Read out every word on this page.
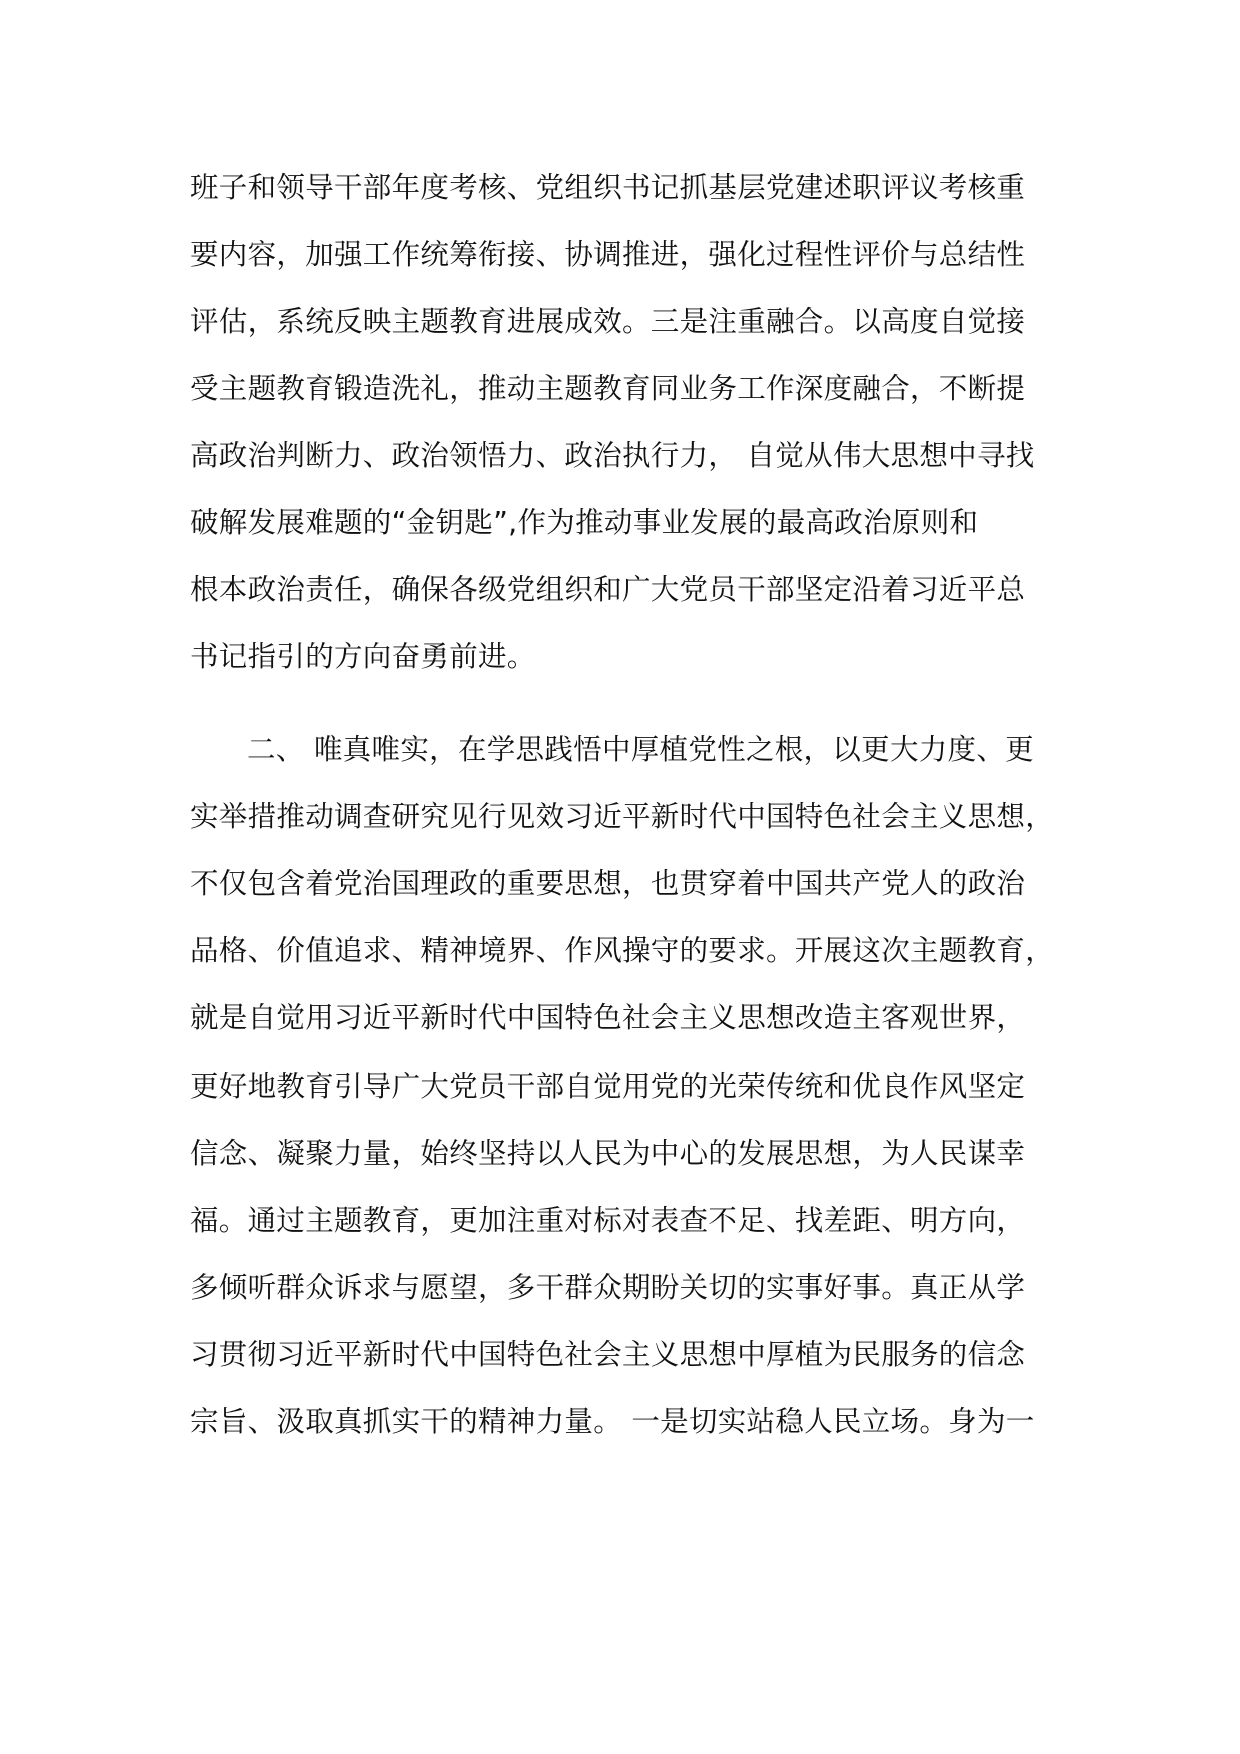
班子和领导干部年度考核、党组织书记抓基层党建述职评议考核重
要内容，加强工作统筹衔接、协调推进，强化过程性评价与总结性
评估，系统反映主题教育进展成效。三是注重融合。以高度自觉接
受主题教育锻造洗礼，推动主题教育同业务工作深度融合，不断提
高政治判断力、政治领悟力、政治执行力， 自觉从伟大思想中寻找
破解发展难题的“金钥匙”,作为推动事业发展的最高政治原则和
根本政治责任，确保各级党组织和广大党员干部坚定沿着习近平总
书记指引的方向奋勇前进。
二、 唯真唯实，在学思践悟中厚植党性之根，以更大力度、更
实举措推动调查研究见行见效习近平新时代中国特色社会主义思想，
不仅包含着党治国理政的重要思想，也贯穿着中国共产党人的政治
品格、价值追求、精神境界、作风操守的要求。开展这次主题教育，
就是自觉用习近平新时代中国特色社会主义思想改造主客观世界，
更好地教育引导广大党员干部自觉用党的光荣传统和优良作风坚定
信念、凝聚力量，始终坚持以人民为中心的发展思想，为人民谋幸
福。通过主题教育，更加注重对标对表查不足、找差距、明方向，
多倾听群众诉求与愿望，多干群众期盼关切的实事好事。真正从学
习贯彻习近平新时代中国特色社会主义思想中厚植为民服务的信念
宗旨、汲取真抓实干的精神力量。 一是切实站稳人民立场。身为一
